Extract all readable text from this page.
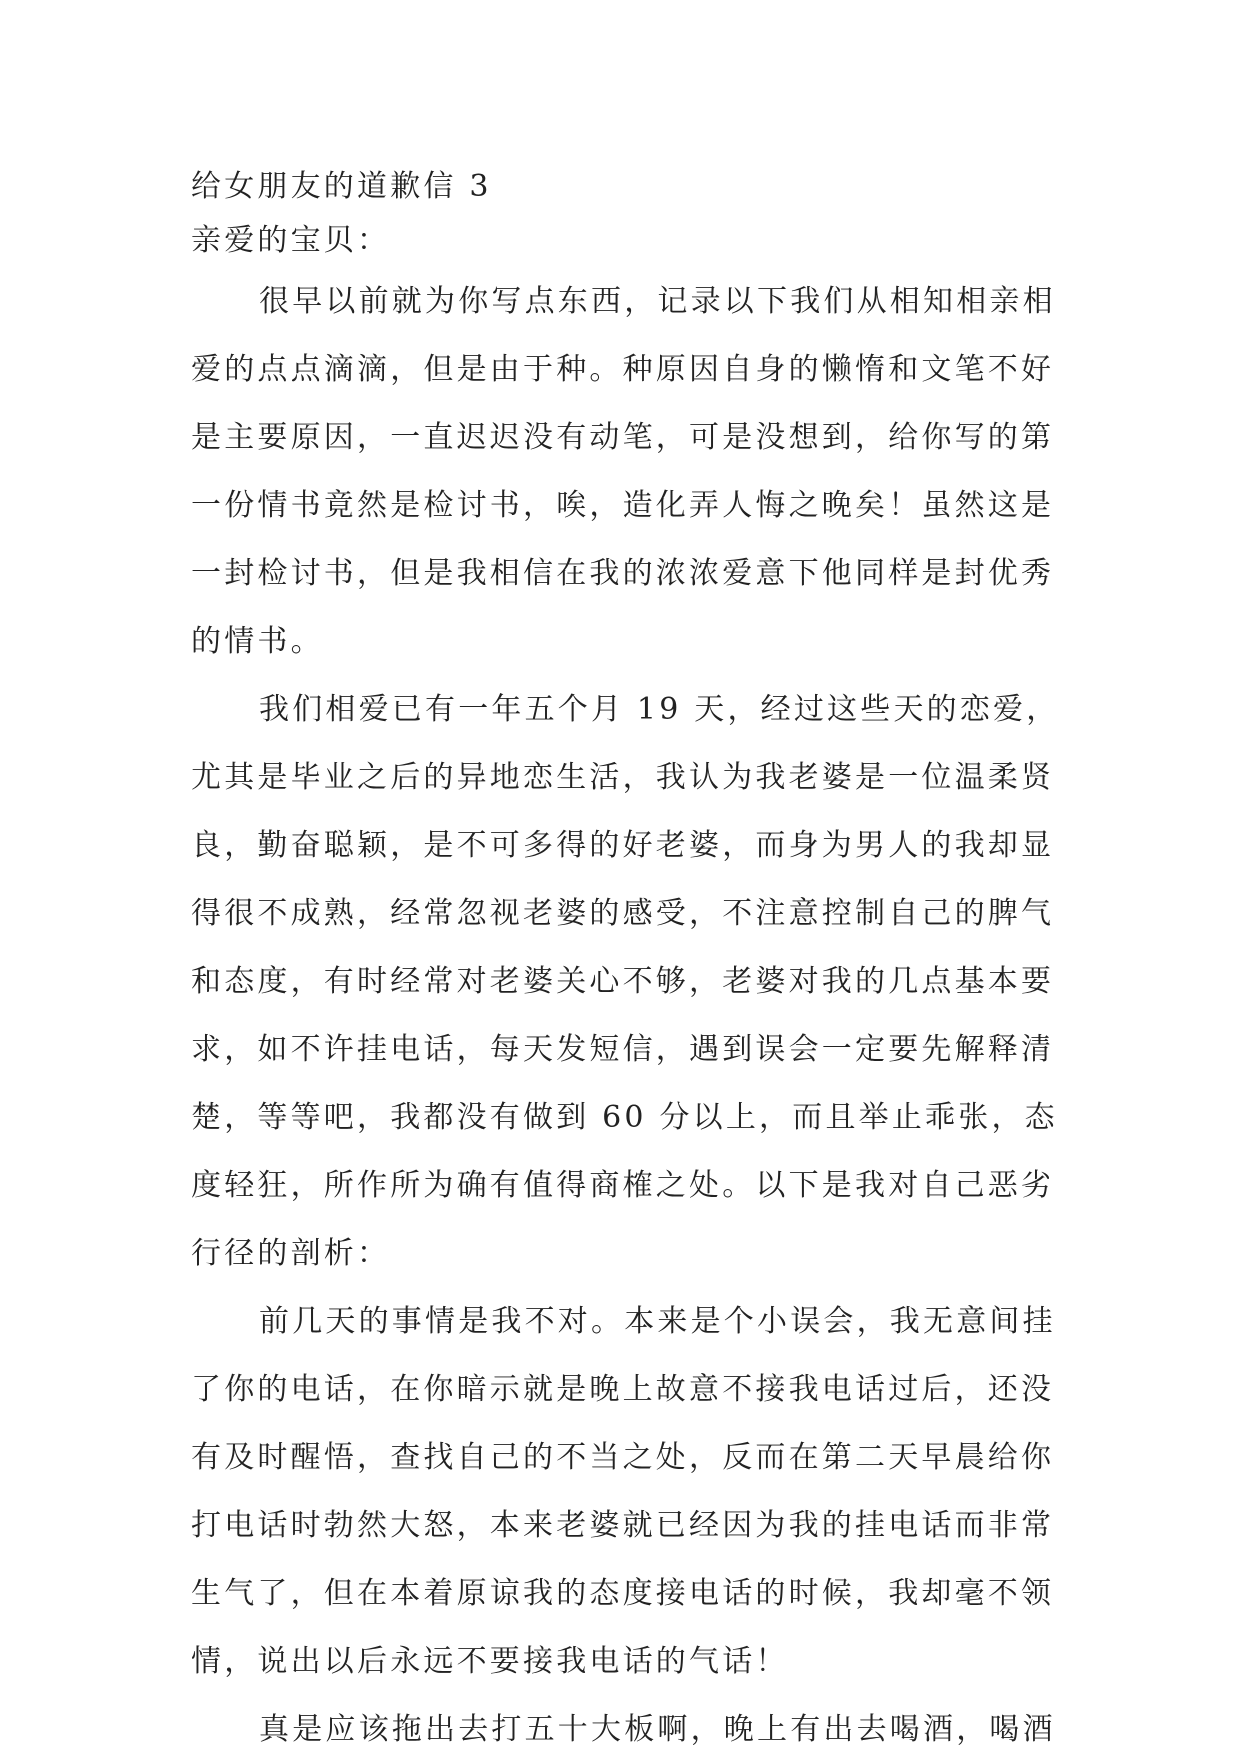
给女朋友的道歉信 3
亲爱的宝贝：
很早以前就为你写点东西，记录以下我们从相知相亲相
爱的点点滴滴，但是由于种。种原因自身的懒惰和文笔不好
是主要原因，一直迟迟没有动笔，可是没想到，给你写的第
一份情书竟然是检讨书，唉，造化弄人悔之晚矣！虽然这是
一封检讨书，但是我相信在我的浓浓爱意下他同样是封优秀
的情书。
我们相爱已有一年五个月 19 天，经过这些天的恋爱，
尤其是毕业之后的异地恋生活，我认为我老婆是一位温柔贤
良，勤奋聪颖，是不可多得的好老婆，而身为男人的我却显
得很不成熟，经常忽视老婆的感受，不注意控制自己的脾气
和态度，有时经常对老婆关心不够，老婆对我的几点基本要
求，如不许挂电话，每天发短信，遇到误会一定要先解释清
楚，等等吧，我都没有做到 60 分以上，而且举止乖张，态
度轻狂，所作所为确有值得商榷之处。以下是我对自己恶劣
行径的剖析：
前几天的事情是我不对。本来是个小误会，我无意间挂
了你的电话，在你暗示就是晚上故意不接我电话过后，还没
有及时醒悟，查找自己的不当之处，反而在第二天早晨给你
打电话时勃然大怒，本来老婆就已经因为我的挂电话而非常
生气了，但在本着原谅我的态度接电话的时候，我却毫不领
情，说出以后永远不要接我电话的气话！
真是应该拖出去打五十大板啊，晚上有出去喝酒，喝酒
